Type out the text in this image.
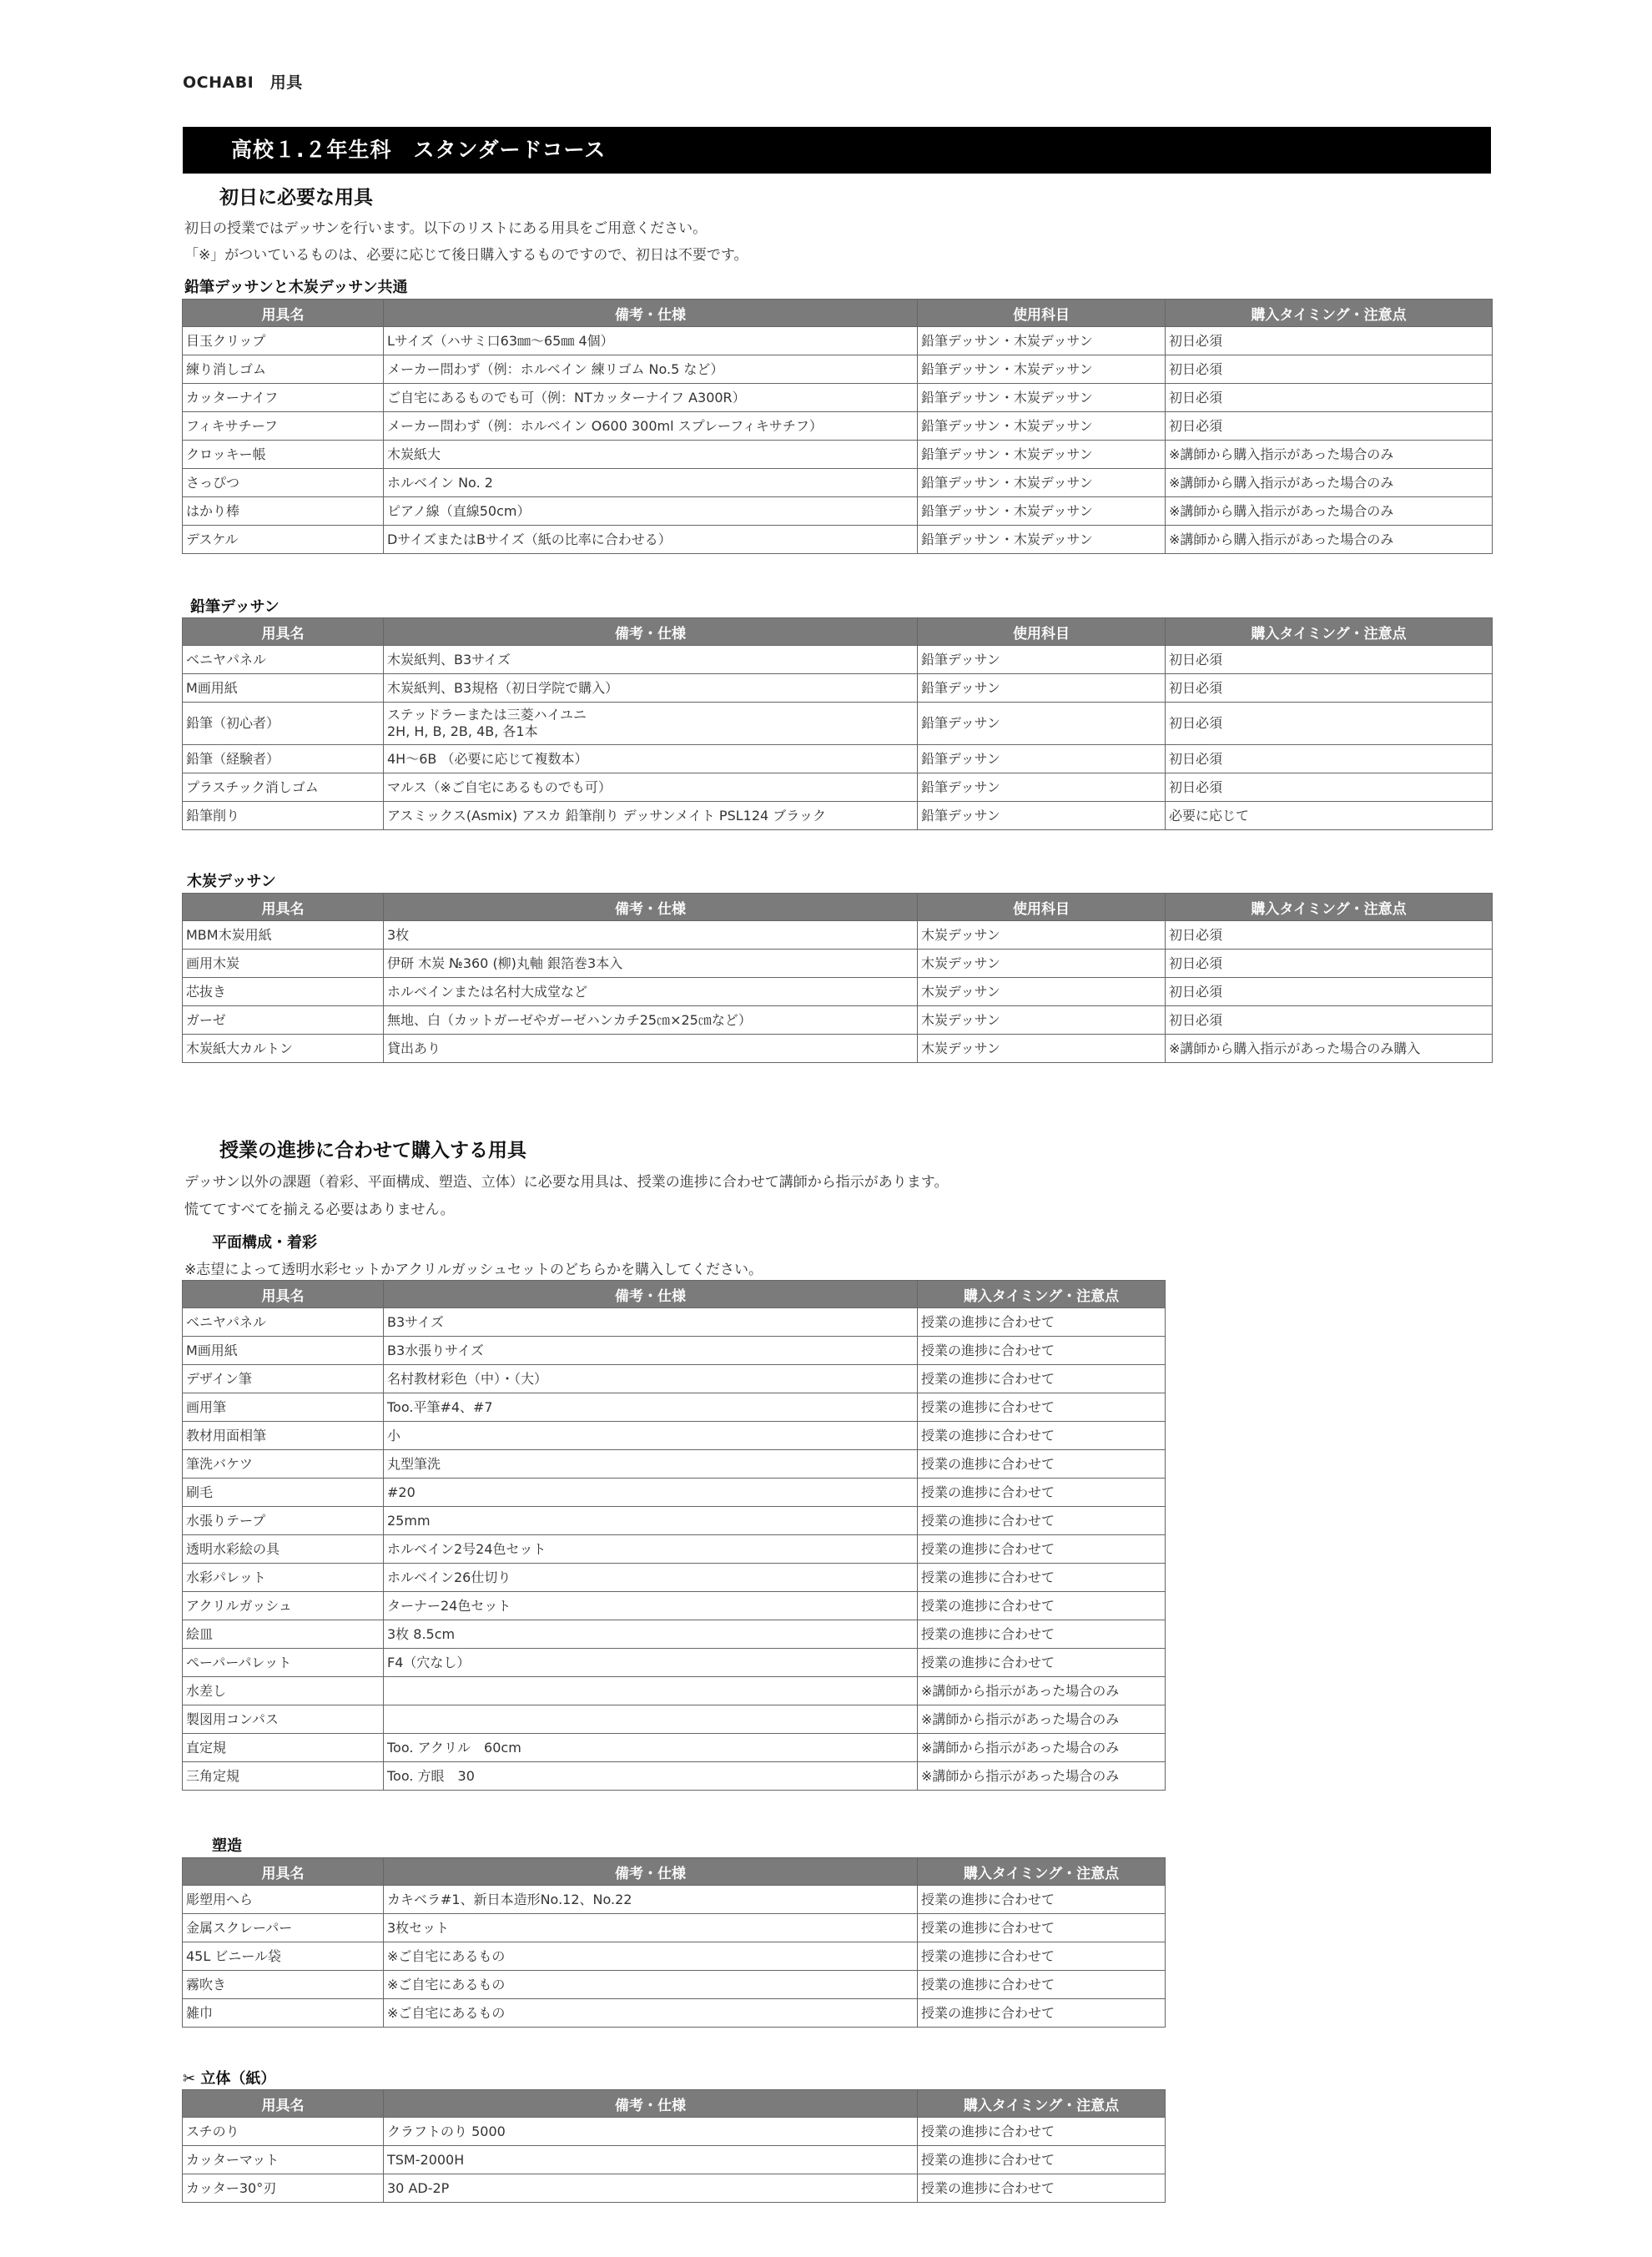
OCHABI　用具
高校１.２年生科　スタンダードコース
初日に必要な用具
初日の授業ではデッサンを行います。以下のリストにある用具をご用意ください。
「※」がついているものは、必要に応じて後日購入するものですので、初日は不要です。
鉛筆デッサンと木炭デッサン共通
用具名	備考・仕様	使用科目	購入タイミング・注意点
目玉クリップ	Lサイズ（ハサミ口63㎜〜65㎜ 4個）	鉛筆デッサン・木炭デッサン	初日必須
練り消しゴム	メーカー問わず（例：ホルベイン 練リゴム No.5 など）	鉛筆デッサン・木炭デッサン	初日必須
カッターナイフ	ご自宅にあるものでも可（例：NTカッターナイフ A300R）	鉛筆デッサン・木炭デッサン	初日必須
フィキサチーフ	メーカー問わず（例：ホルベイン O600 300ml スプレーフィキサチフ）	鉛筆デッサン・木炭デッサン	初日必須
クロッキー帳	木炭紙大	鉛筆デッサン・木炭デッサン	※講師から購入指示があった場合のみ
さっぴつ	ホルベイン No. 2	鉛筆デッサン・木炭デッサン	※講師から購入指示があった場合のみ
はかり棒	ピアノ線（直線50cm）	鉛筆デッサン・木炭デッサン	※講師から購入指示があった場合のみ
デスケル	DサイズまたはBサイズ（紙の比率に合わせる）	鉛筆デッサン・木炭デッサン	※講師から購入指示があった場合のみ
鉛筆デッサン
用具名	備考・仕様	使用科目	購入タイミング・注意点
ベニヤパネル	木炭紙判、B3サイズ	鉛筆デッサン	初日必須
M画用紙	木炭紙判、B3規格（初日学院で購入）	鉛筆デッサン	初日必須
鉛筆（初心者）	ステッドラーまたは三菱ハイユニ
2H, H, B, 2B, 4B, 各1本	鉛筆デッサン	初日必須
鉛筆（経験者）	4H〜6B （必要に応じて複数本）	鉛筆デッサン	初日必須
プラスチック消しゴム	マルス（※ご自宅にあるものでも可）	鉛筆デッサン	初日必須
鉛筆削り	アスミックス(Asmix) アスカ 鉛筆削り デッサンメイト PSL124 ブラック	鉛筆デッサン	必要に応じて
木炭デッサン
用具名	備考・仕様	使用科目	購入タイミング・注意点
MBM木炭用紙	3枚	木炭デッサン	初日必須
画用木炭	伊研 木炭 №360 (柳)丸軸 銀箔巻3本入	木炭デッサン	初日必須
芯抜き	ホルベインまたは名村大成堂など	木炭デッサン	初日必須
ガーゼ	無地、白（カットガーゼやガーゼハンカチ25㎝×25㎝など）	木炭デッサン	初日必須
木炭紙大カルトン	貸出あり	木炭デッサン	※講師から購入指示があった場合のみ購入
授業の進捗に合わせて購入する用具
デッサン以外の課題（着彩、平面構成、塑造、立体）に必要な用具は、授業の進捗に合わせて講師から指示があります。
慌ててすべてを揃える必要はありません。
平面構成・着彩
※志望によって透明水彩セットかアクリルガッシュセットのどちらかを購入してください。
用具名	備考・仕様	購入タイミング・注意点
ベニヤパネル	B3サイズ	授業の進捗に合わせて
M画用紙	B3水張りサイズ	授業の進捗に合わせて
デザイン筆	名村教材彩色（中）・（大）	授業の進捗に合わせて
画用筆	Too.平筆#4、#7	授業の進捗に合わせて
教材用面相筆	小	授業の進捗に合わせて
筆洗バケツ	丸型筆洗	授業の進捗に合わせて
刷毛	#20	授業の進捗に合わせて
水張りテープ	25mm	授業の進捗に合わせて
透明水彩絵の具	ホルベイン2号24色セット	授業の進捗に合わせて
水彩パレット	ホルベイン26仕切り	授業の進捗に合わせて
アクリルガッシュ	ターナー24色セット	授業の進捗に合わせて
絵皿	3枚 8.5cm	授業の進捗に合わせて
ペーパーパレット	F4（穴なし）	授業の進捗に合わせて
水差し		※講師から指示があった場合のみ
製図用コンパス		※講師から指示があった場合のみ
直定規	Too. アクリル　60cm	※講師から指示があった場合のみ
三角定規	Too. 方眼　30	※講師から指示があった場合のみ
塑造
用具名	備考・仕様	購入タイミング・注意点
彫塑用へら	カキベラ#1、新日本造形No.12、No.22	授業の進捗に合わせて
金属スクレーパー	3枚セット	授業の進捗に合わせて
45L ビニール袋	※ご自宅にあるもの	授業の進捗に合わせて
霧吹き	※ご自宅にあるもの	授業の進捗に合わせて
雑巾	※ご自宅にあるもの	授業の進捗に合わせて
✂ 立体（紙）
用具名	備考・仕様	購入タイミング・注意点
スチのり	クラフトのり 5000	授業の進捗に合わせて
カッターマット	TSM-2000H	授業の進捗に合わせて
カッター30°刃	30 AD-2P	授業の進捗に合わせて
